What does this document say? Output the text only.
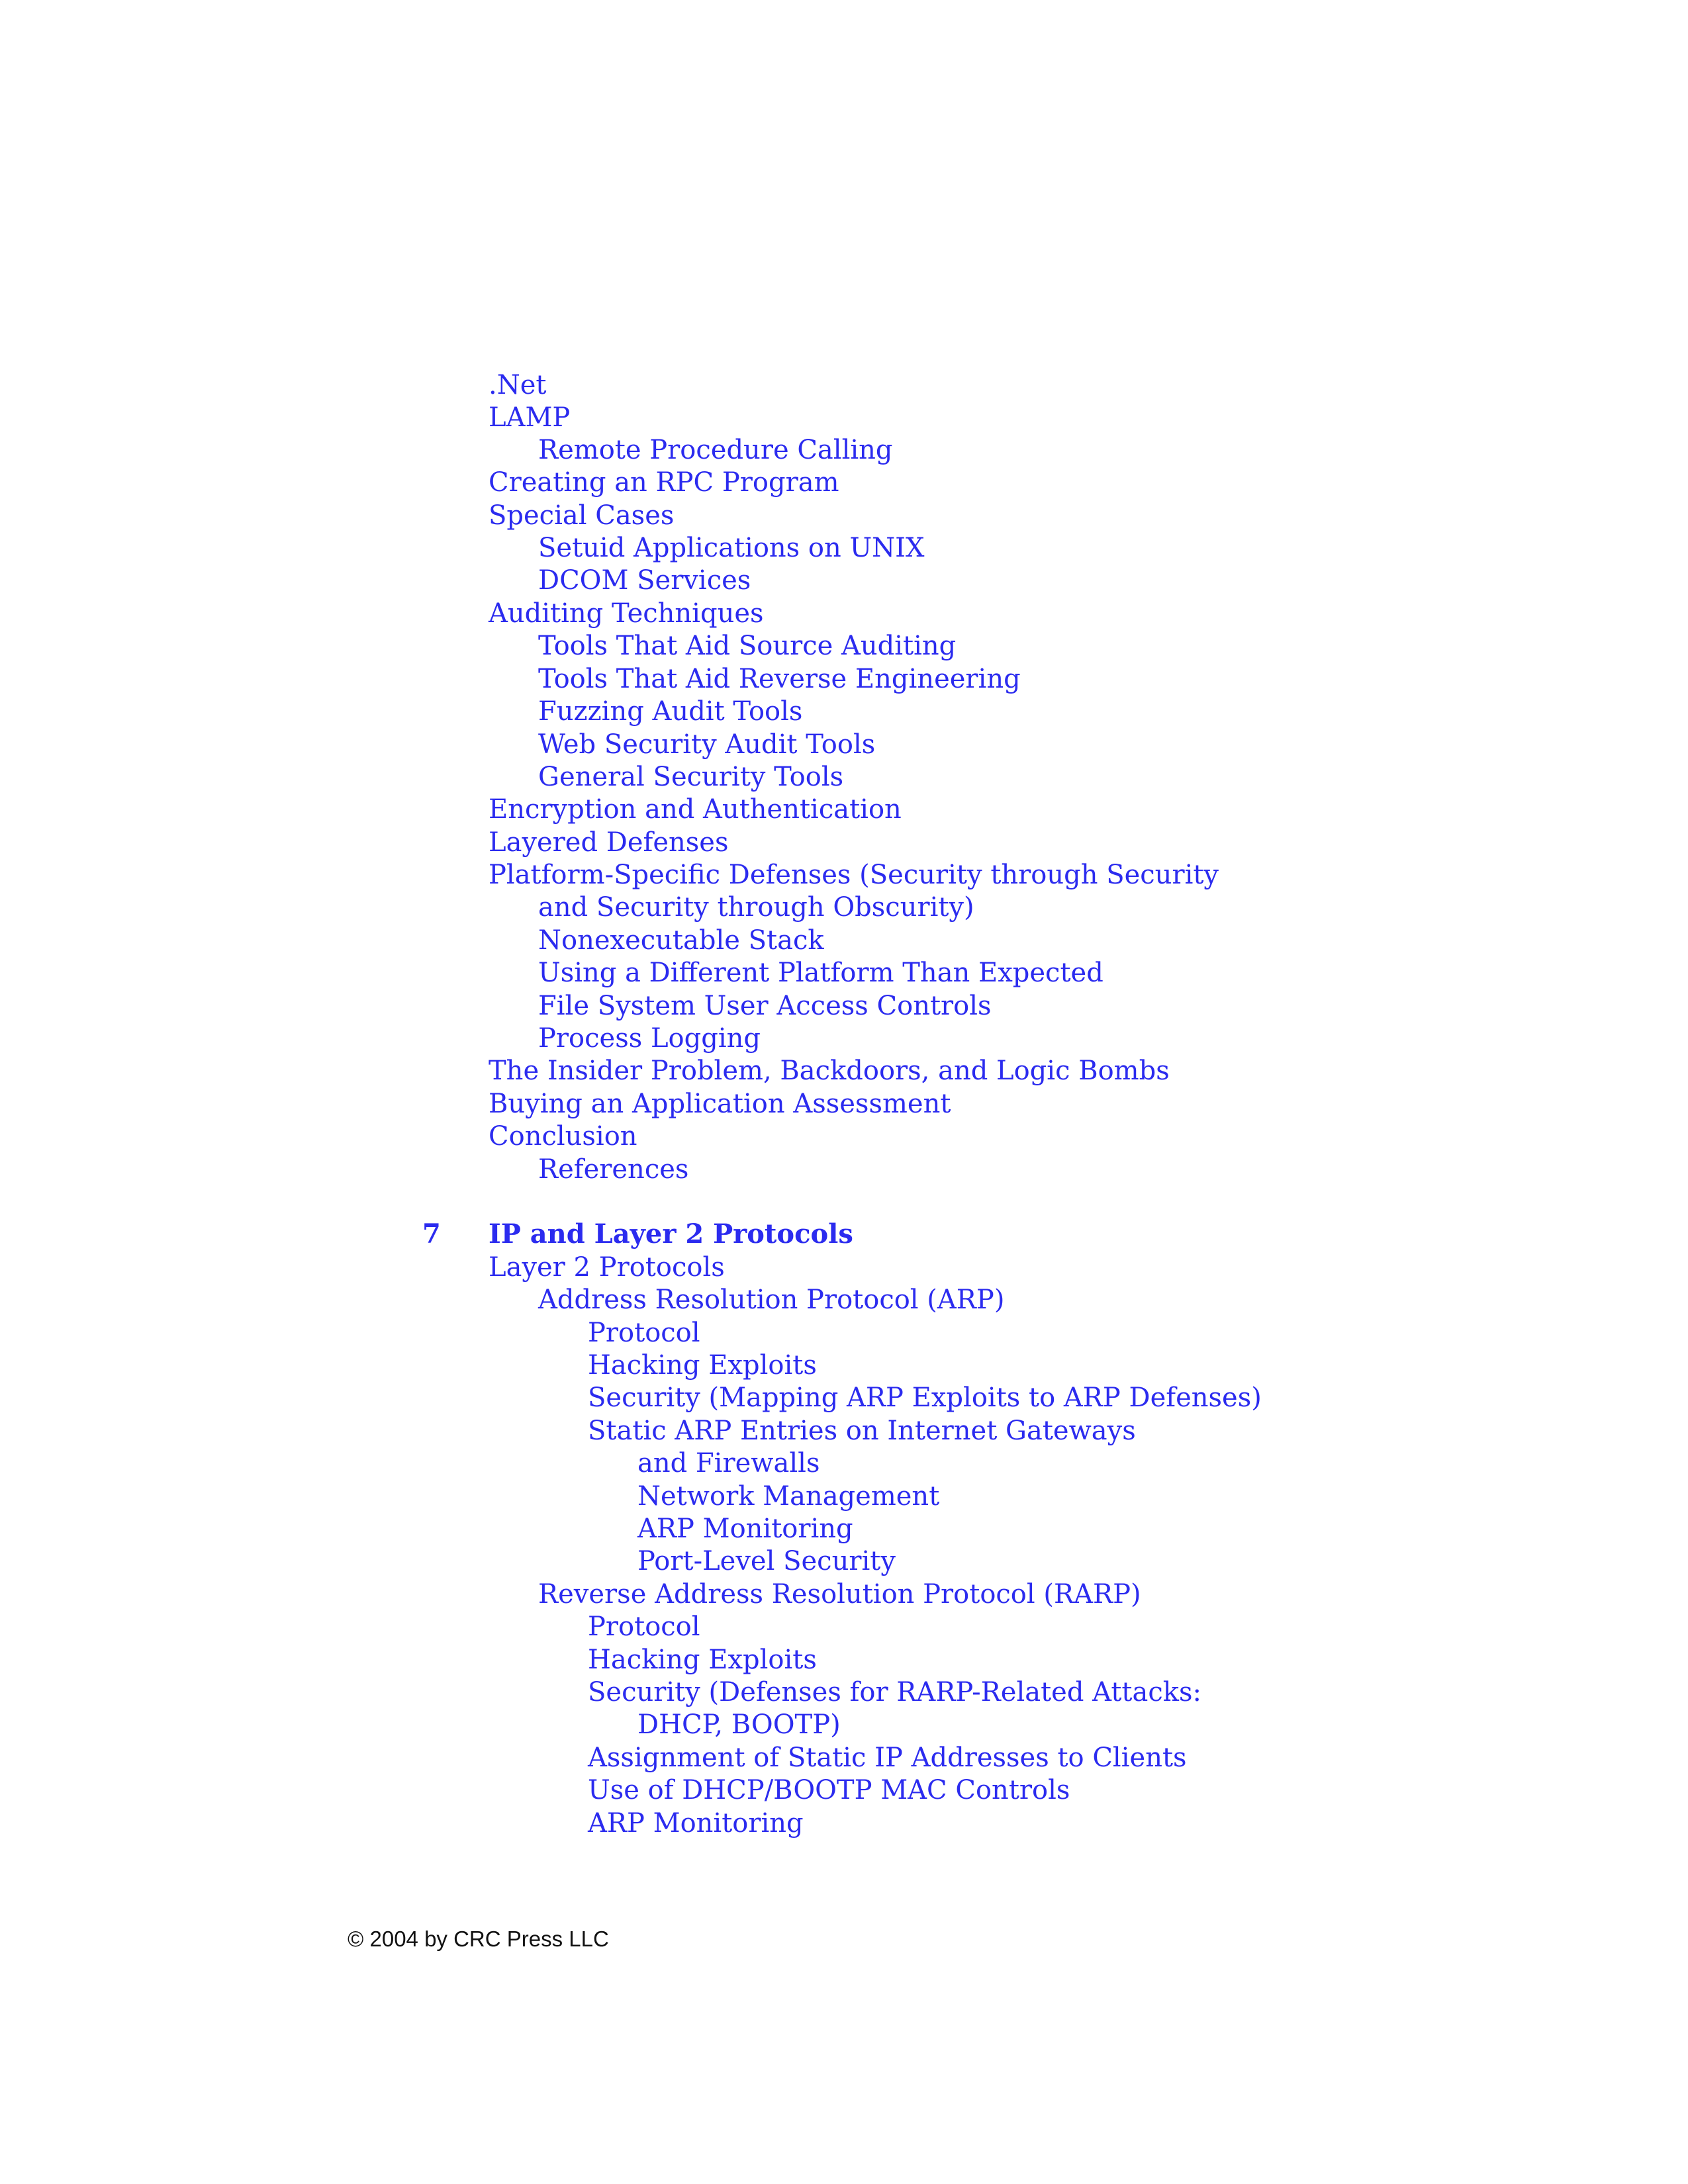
.Net
LAMP
Remote Procedure Calling
Creating an RPC Program
Special Cases
Setuid Applications on UNIX
DCOM Services
Auditing Techniques
Tools That Aid Source Auditing
Tools That Aid Reverse Engineering
Fuzzing Audit Tools
Web Security Audit Tools
General Security Tools
Encryption and Authentication
Layered Defenses
Platform-Specific Defenses (Security through Security
and Security through Obscurity)
Nonexecutable Stack
Using a Different Platform Than Expected
File System User Access Controls
Process Logging
The Insider Problem, Backdoors, and Logic Bombs
Buying an Application Assessment
Conclusion
References
7 IP and Layer 2 Protocols
Layer 2 Protocols
Address Resolution Protocol (ARP)
Protocol
Hacking Exploits
Security (Mapping ARP Exploits to ARP Defenses)
Static ARP Entries on Internet Gateways
and Firewalls
Network Management
ARP Monitoring
Port-Level Security
Reverse Address Resolution Protocol (RARP)
Protocol
Hacking Exploits
Security (Defenses for RARP-Related Attacks:
DHCP, BOOTP)
Assignment of Static IP Addresses to Clients
Use of DHCP/BOOTP MAC Controls
ARP Monitoring
© 2004 by CRC Press LLC
